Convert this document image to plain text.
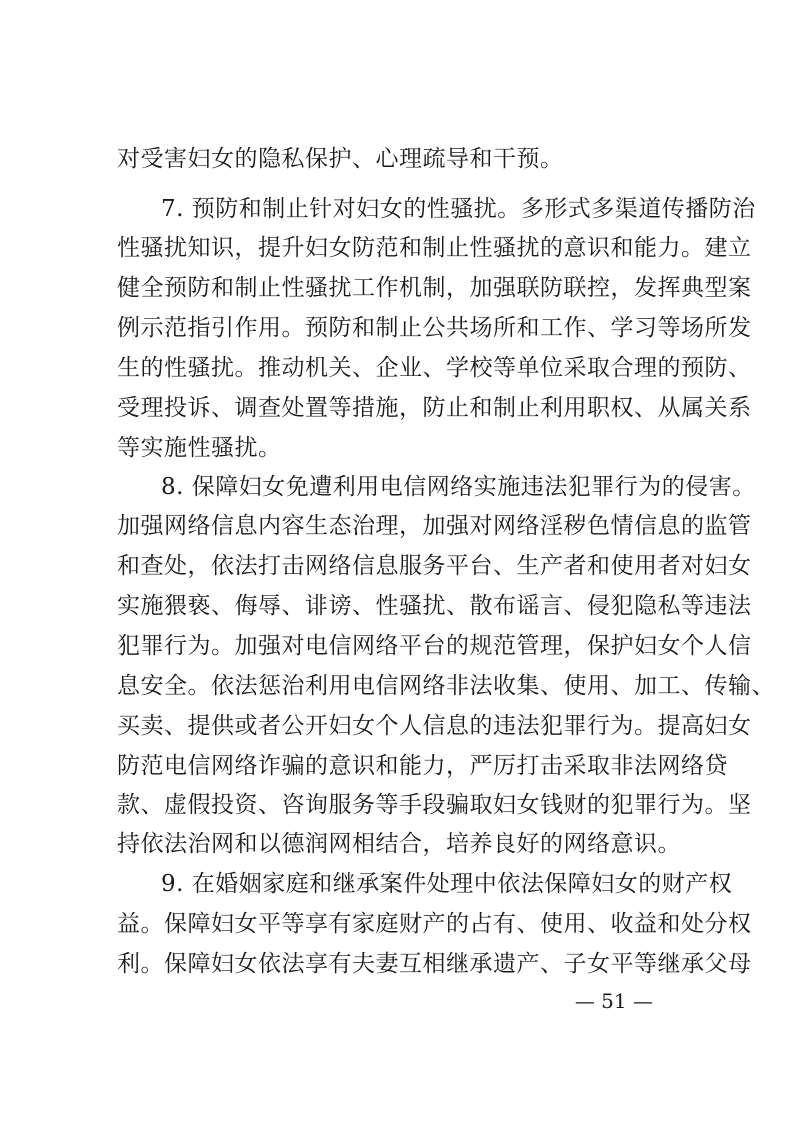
对受害妇女的隐私保护、心理疏导和干预。
7. 预防和制止针对妇女的性骚扰。多形式多渠道传播防治
性骚扰知识，提升妇女防范和制止性骚扰的意识和能力。建立
健全预防和制止性骚扰工作机制，加强联防联控，发挥典型案
例示范指引作用。预防和制止公共场所和工作、学习等场所发
生的性骚扰。推动机关、企业、学校等单位采取合理的预防、
受理投诉、调查处置等措施，防止和制止利用职权、从属关系
等实施性骚扰。
8. 保障妇女免遭利用电信网络实施违法犯罪行为的侵害。
加强网络信息内容生态治理，加强对网络淫秽色情信息的监管
和查处，依法打击网络信息服务平台、生产者和使用者对妇女
实施猥亵、侮辱、诽谤、性骚扰、散布谣言、侵犯隐私等违法
犯罪行为。加强对电信网络平台的规范管理，保护妇女个人信
息安全。依法惩治利用电信网络非法收集、使用、加工、传输、
买卖、提供或者公开妇女个人信息的违法犯罪行为。提高妇女
防范电信网络诈骗的意识和能力，严厉打击采取非法网络贷
款、虚假投资、咨询服务等手段骗取妇女钱财的犯罪行为。坚
持依法治网和以德润网相结合，培养良好的网络意识。
9. 在婚姻家庭和继承案件处理中依法保障妇女的财产权
益。保障妇女平等享有家庭财产的占有、使用、收益和处分权
利。保障妇女依法享有夫妻互相继承遗产、子女平等继承父母
— 51 —
